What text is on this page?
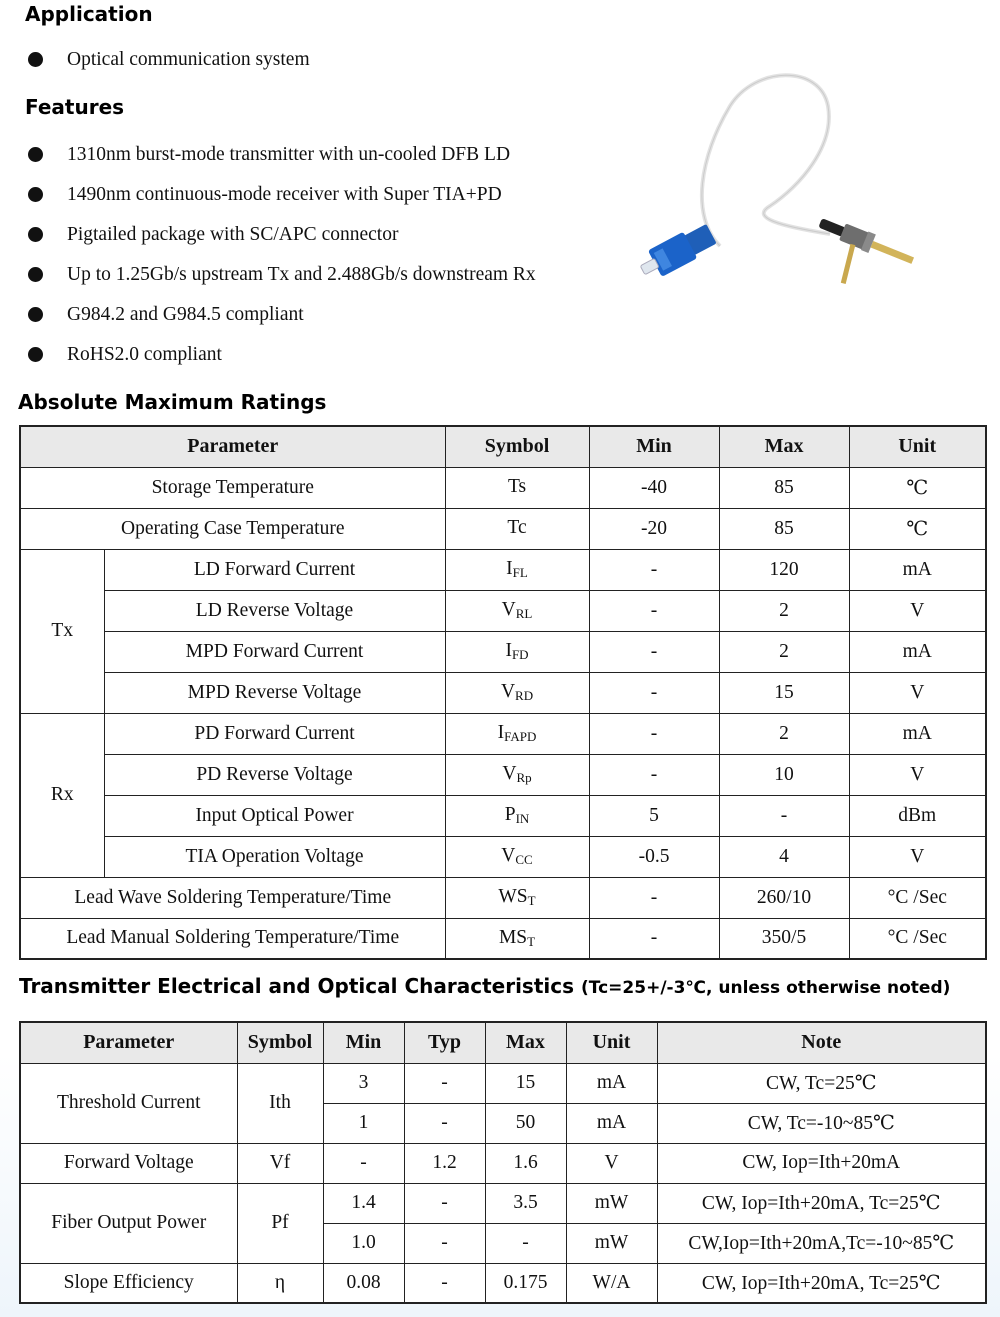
Application
Optical communication system
Features
1310nm burst-mode transmitter with un-cooled DFB LD
1490nm continuous-mode receiver with Super TIA+PD
Pigtailed package with SC/APC connector
Up to 1.25Gb/s upstream Tx and 2.488Gb/s downstream Rx
G984.2 and G984.5 compliant
RoHS2.0 compliant
Absolute Maximum Ratings
Parameter		Symbol	Min	Max	Unit
Storage Temperature		Ts	-40	85	℃
Operating Case Temperature		Tc	-20	85	℃
Tx	LD Forward Current	$I_{FL}$	-	120	mA
	LD Reverse Voltage	$V_{RL}$	-	2	V
	MPD Forward Current	$I_{FD}$	-	2	mA
	MPD Reverse Voltage	$V_{RD}$	-	15	V
Rx	PD Forward Current	$I_{FAPD}$	-	2	mA
	PD Reverse Voltage	$V_{Rp}$	-	10	V
	Input Optical Power	$P_{IN}$	5	-	dBm
	TIA Operation Voltage	$V_{CC}$	-0.5	4	V
Lead Wave Soldering Temperature/Time		$WS_T$	-	260/10	°C /Sec
Lead Manual Soldering Temperature/Time		$MS_T$	-	350/5	°C /Sec
Transmitter Electrical and Optical Characteristics (Tc=25+/-3℃, unless otherwise noted)
Parameter	Symbol	Min	Typ	Max	Unit	Note
Threshold Current	Ith	3	-	15	mA	CW, Tc=25℃
		1	-	50	mA	CW, Tc=-10~85℃
Forward Voltage	Vf	-	1.2	1.6	V	CW, Iop=Ith+20mA
Fiber Output Power	Pf	1.4	-	3.5	mW	CW, Iop=Ith+20mA, Tc=25℃
		1.0	-	-	mW	CW,Iop=Ith+20mA,Tc=-10~85℃
Slope Efficiency	η	0.08	-	0.175	W/A	CW, Iop=Ith+20mA, Tc=25℃
